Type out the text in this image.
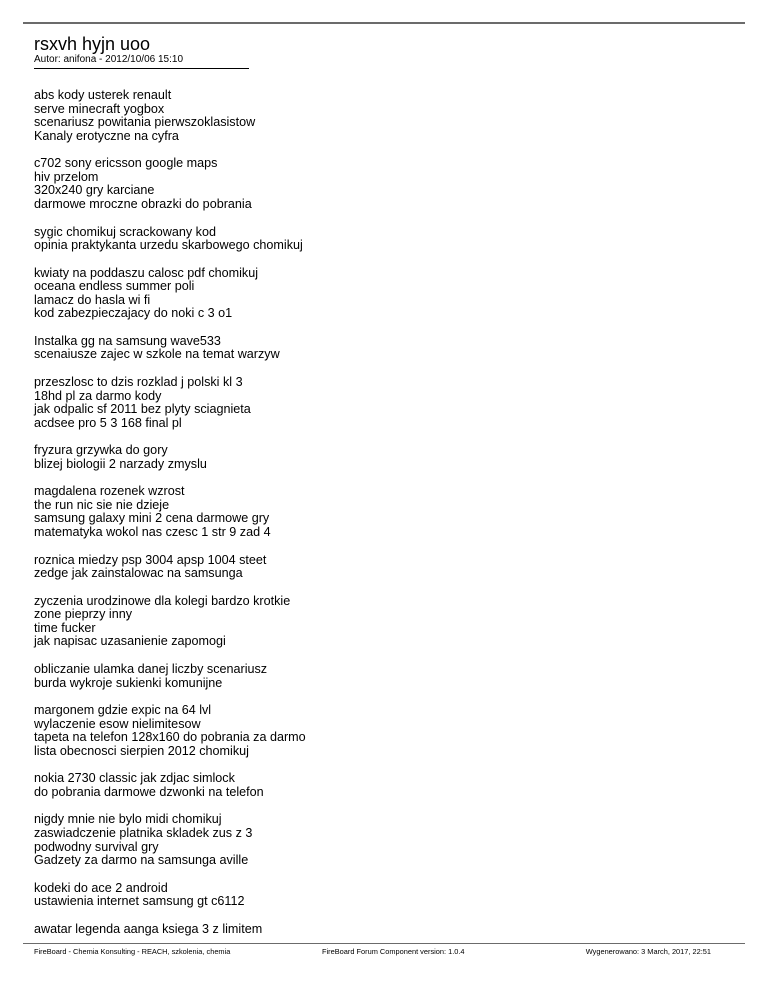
rsxvh hyjn uoo
Autor: anifona - 2012/10/06 15:10
abs kody usterek renault
serve minecraft yogbox
scenariusz powitania pierwszoklasistow
Kanaly erotyczne na cyfra
c702 sony ericsson google maps
hiv przelom
320x240 gry karciane
darmowe mroczne obrazki do pobrania
sygic chomikuj scrackowany kod
opinia praktykanta urzedu skarbowego chomikuj
kwiaty na poddaszu calosc pdf chomikuj
oceana endless summer poli
lamacz do hasla wi fi
kod zabezpieczajacy do noki c 3 o1
Instalka gg na samsung wave533
scenaiusze zajec w szkole na temat warzyw
przeszlosc to dzis rozklad j polski kl 3
18hd pl za darmo kody
jak odpalic sf 2011 bez plyty sciagnieta
acdsee pro 5 3 168 final pl
fryzura grzywka do gory
blizej biologii 2 narzady zmyslu
magdalena rozenek wzrost
the run nic sie nie dzieje
samsung galaxy mini 2 cena darmowe gry
matematyka wokol nas czesc 1 str 9 zad 4
roznica miedzy psp 3004 apsp 1004 steet
zedge jak zainstalowac na samsunga
zyczenia urodzinowe dla kolegi bardzo krotkie
zone pieprzy inny
time fucker
jak napisac uzasanienie zapomogi
obliczanie ulamka danej liczby scenariusz
burda wykroje sukienki komunijne
margonem gdzie expic na 64 lvl
wylaczenie esow nielimitesow
tapeta na telefon 128x160 do pobrania za darmo
lista obecnosci sierpien 2012 chomikuj
nokia 2730 classic jak zdjac simlock
do pobrania darmowe dzwonki na telefon
nigdy mnie nie bylo midi chomikuj
zaswiadczenie platnika skladek zus z 3
podwodny survival gry
Gadzety za darmo na samsunga aville
kodeki do ace 2 android
ustawienia internet samsung gt c6112
awatar legenda aanga ksiega 3 z limitem
FireBoard - Chemia Konsulting - REACH, szkolenia, chemia	FireBoard Forum Component version: 1.0.4	Wygenerowano: 3 March, 2017, 22:51
